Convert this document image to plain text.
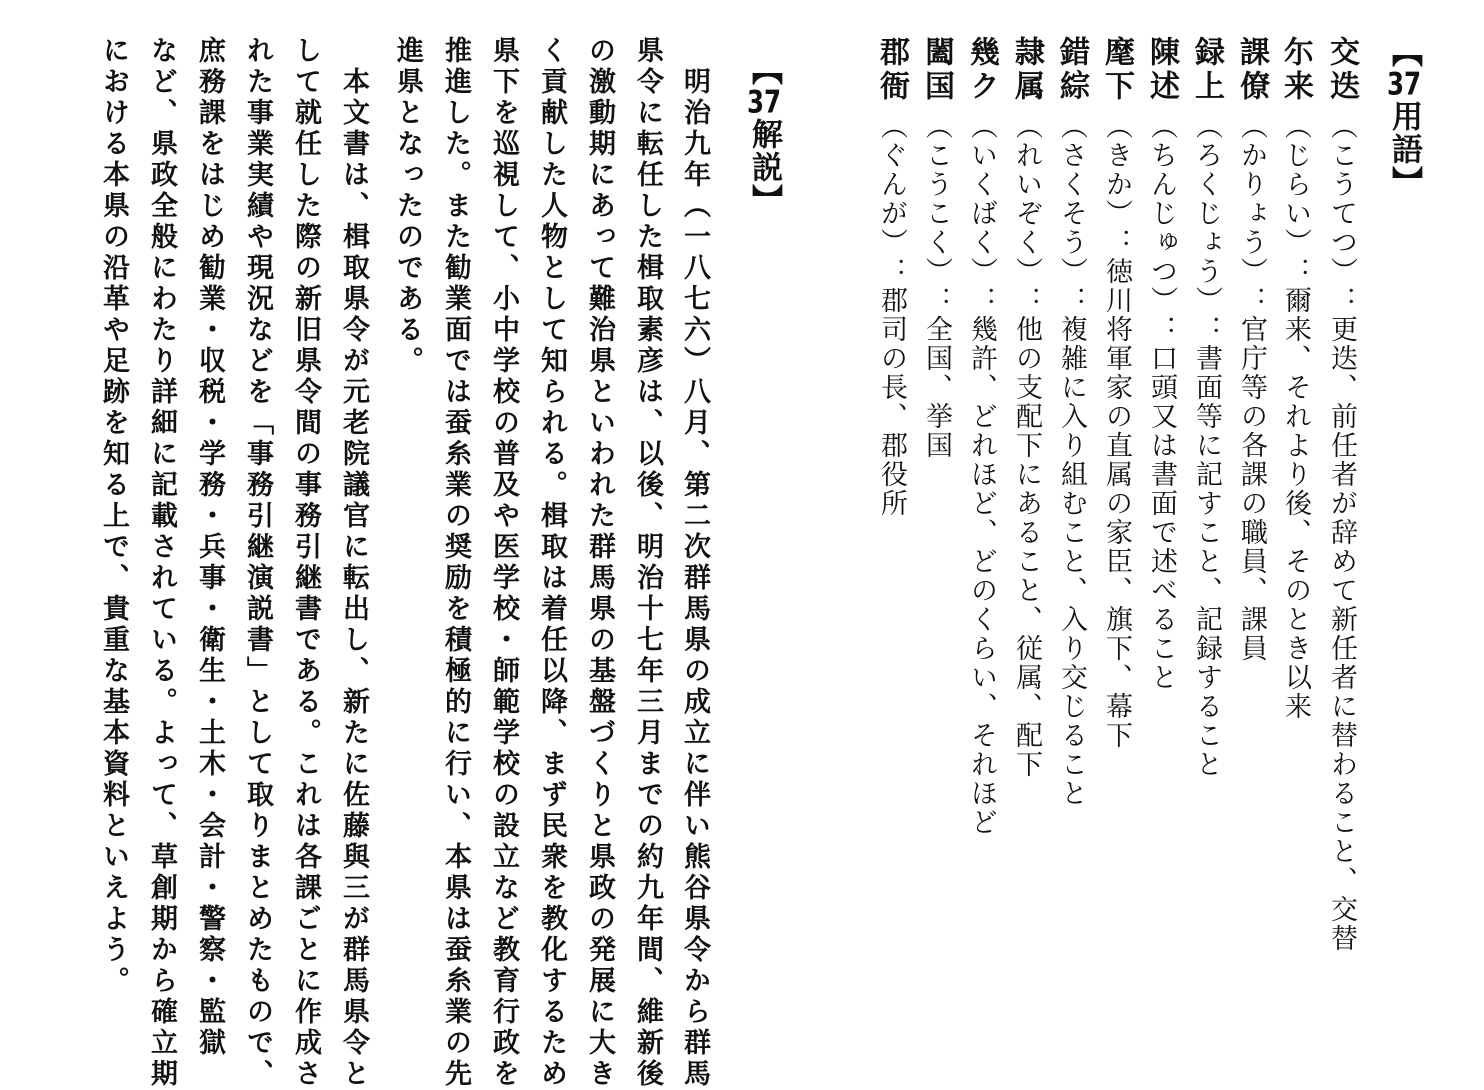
【37用語】
交迭（こうてつ）：更迭、前任者が辞めて新任者に替わること、交替
尓来（じらい）：爾来、それより後、そのとき以来
課僚（かりょう）：官庁等の各課の職員、課員
録上（ろくじょう）：書面等に記すこと、記録すること
陳述（ちんじゅつ）：口頭又は書面で述べること
麾下（きか）：徳川将軍家の直属の家臣、旗下、幕下
錯綜（さくそう）：複雑に入り組むこと、入り交じること
隷属（れいぞく）：他の支配下にあること、従属、配下
幾ク（いくばく）：幾許、どれほど、どのくらい、それほど
闔国（こうこく）：全国、挙国
郡衙（ぐんが）：郡司の長、郡役所
【37解説】
　明治九年（一八七六）八月、第二次群馬県の成立に伴い熊谷県令から群馬
県令に転任した楫取素彦は、以後、明治十七年三月までの約九年間、維新後
の激動期にあって難治県といわれた群馬県の基盤づくりと県政の発展に大き
く貢献した人物として知られる。楫取は着任以降、まず民衆を教化するため
県下を巡視して、小中学校の普及や医学校・師範学校の設立など教育行政を
推進した。また勧業面では蚕糸業の奨励を積極的に行い、本県は蚕糸業の先
進県となったのである。
　本文書は、楫取県令が元老院議官に転出し、新たに佐藤與三が群馬県令と
して就任した際の新旧県令間の事務引継書である。これは各課ごとに作成さ
れた事業実績や現況などを「事務引継演説書」として取りまとめたもので、
庶務課をはじめ勧業・収税・学務・兵事・衛生・土木・会計・警察・監獄
など、県政全般にわたり詳細に記載されている。よって、草創期から確立期
における本県の沿革や足跡を知る上で、貴重な基本資料といえよう。
